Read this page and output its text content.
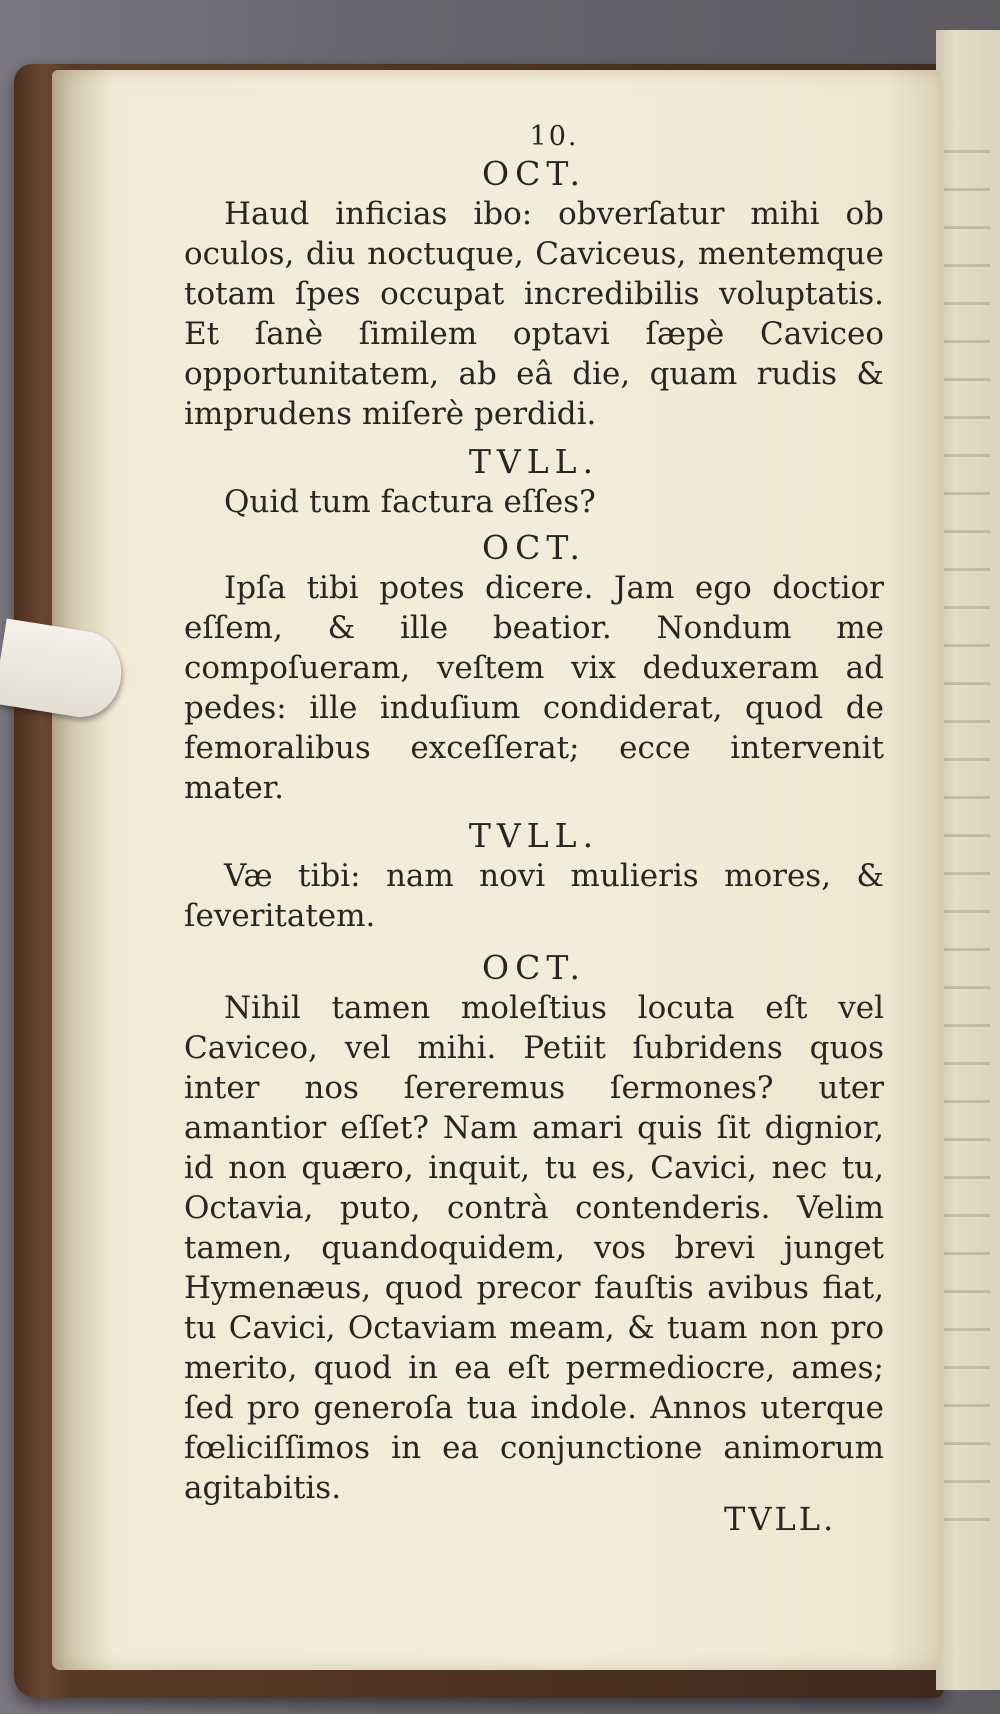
10.
OCT.

Haud inficias ibo: obverſatur mihi ob oculos, diu noctuque, Caviceus, mentemque totam ſpes occupat incredibilis voluptatis. Et ſanè ſimilem optavi ſæpè Caviceo opportunitatem, ab eâ die, quam rudis & imprudens miſerè perdidi.

TVLL.

Quid tum factura eſſes?

OCT.

Ipſa tibi potes dicere. Jam ego doctior eſſem, & ille beatior. Nondum me compoſueram, veſtem vix deduxeram ad pedes: ille induſium condiderat, quod de femoralibus exceſſerat; ecce intervenit mater.

TVLL.

Væ tibi: nam novi mulieris mores, & ſeveritatem.

OCT.

Nihil tamen moleſtius locuta eſt vel Caviceo, vel mihi. Petiit ſubridens quos inter nos ſereremus ſermones? uter amantior eſſet? Nam amari quis ſit dignior, id non quæro, inquit, tu es, Cavici, nec tu, Octavia, puto, contrà contenderis. Velim tamen, quandoquidem, vos brevi junget Hymenæus, quod precor fauſtis avibus fiat, tu Cavici, Octaviam meam, & tuam non pro merito, quod in ea eſt permediocre, ames; ſed pro generoſa tua indole. Annos uterque fœliciſſimos in ea conjunctione animorum agitabitis.

TVLL.
